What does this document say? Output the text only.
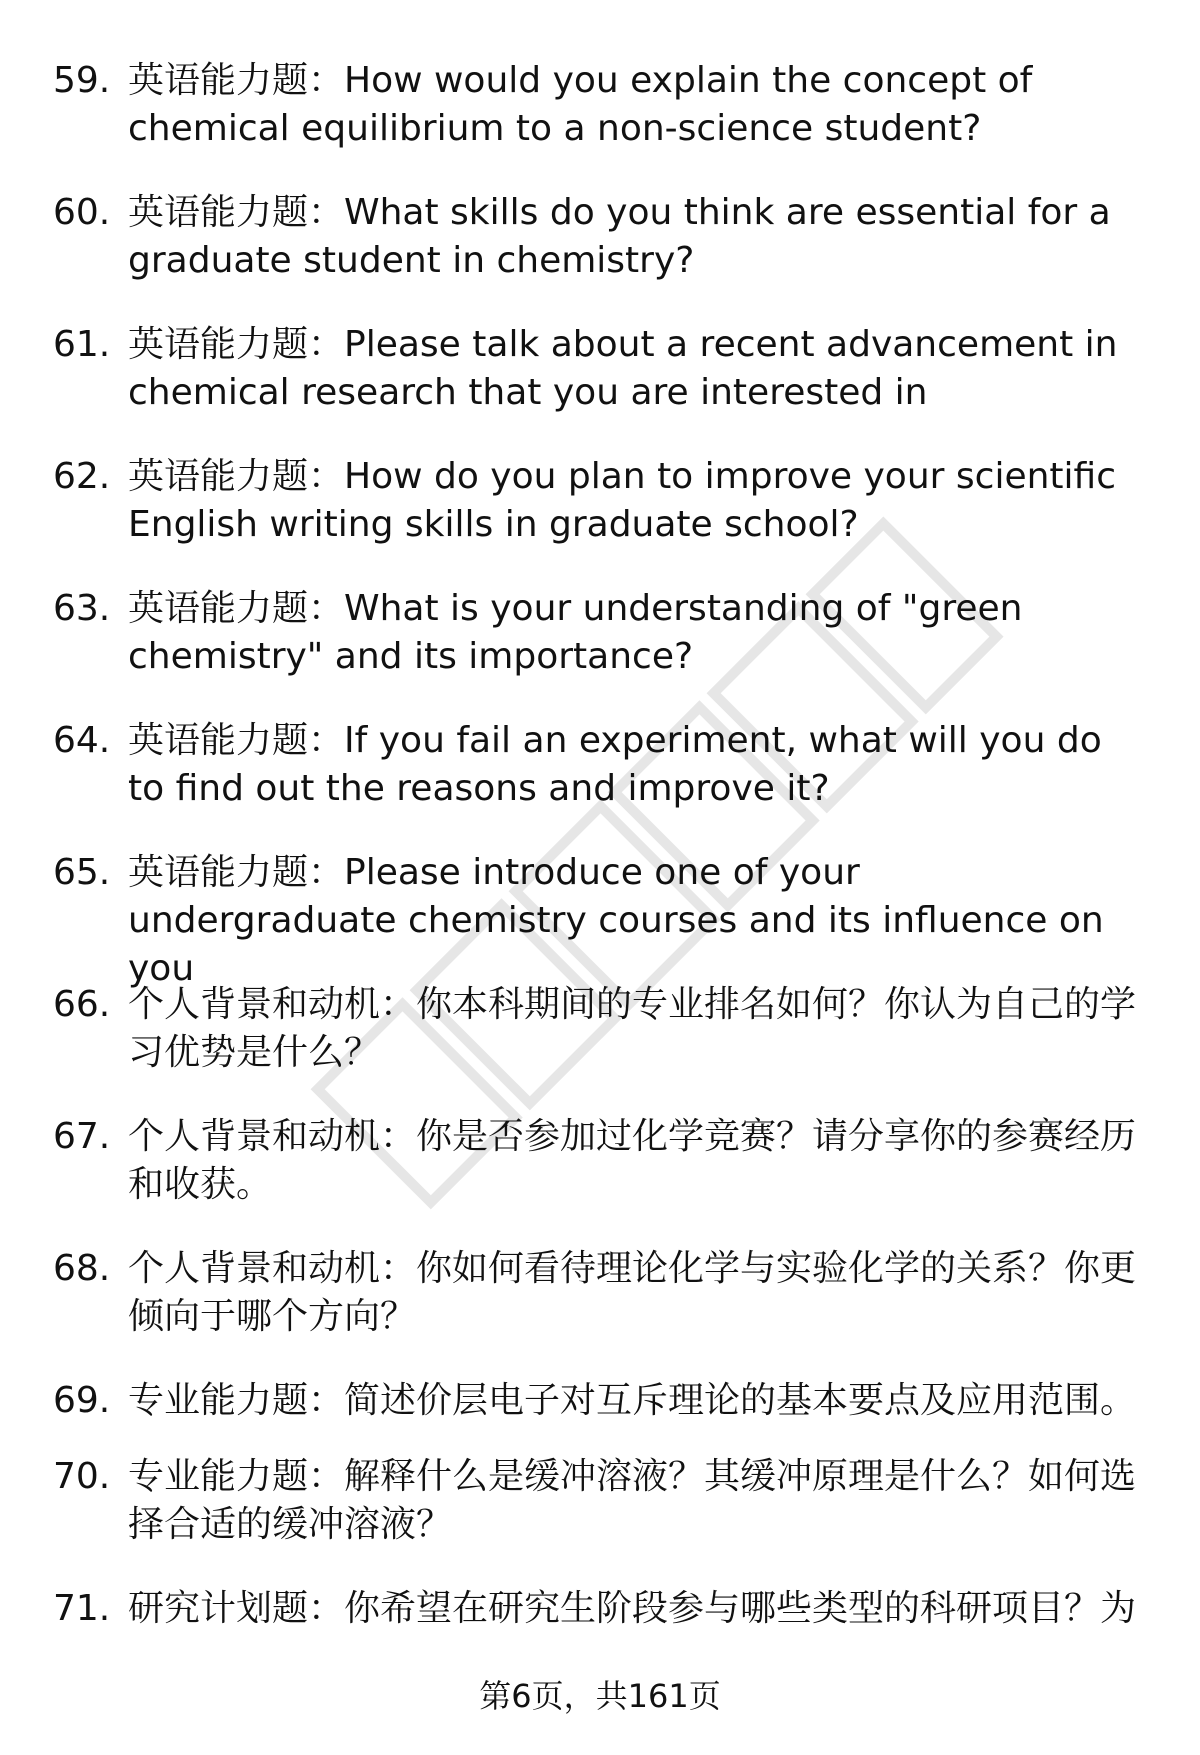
59. 英语能力题：How would you explain the concept of chemical equilibrium to a non-science student?
60. 英语能力题：What skills do you think are essential for a graduate student in chemistry?
61. 英语能力题：Please talk about a recent advancement in chemical research that you are interested in
62. 英语能力题：How do you plan to improve your scientific English writing skills in graduate school?
63. 英语能力题：What is your understanding of "green chemistry" and its importance?
64. 英语能力题：If you fail an experiment, what will you do to find out the reasons and improve it?
65. 英语能力题：Please introduce one of your undergraduate chemistry courses and its influence on you
66. 个人背景和动机：你本科期间的专业排名如何？你认为自己的学习优势是什么？
67. 个人背景和动机：你是否参加过化学竞赛？请分享你的参赛经历和收获。
68. 个人背景和动机：你如何看待理论化学与实验化学的关系？你更倾向于哪个方向？
69. 专业能力题：简述价层电子对互斥理论的基本要点及应用范围。
70. 专业能力题：解释什么是缓冲溶液？其缓冲原理是什么？如何选择合适的缓冲溶液？
71. 研究计划题：你希望在研究生阶段参与哪些类型的科研项目？为
第6页，共161页
